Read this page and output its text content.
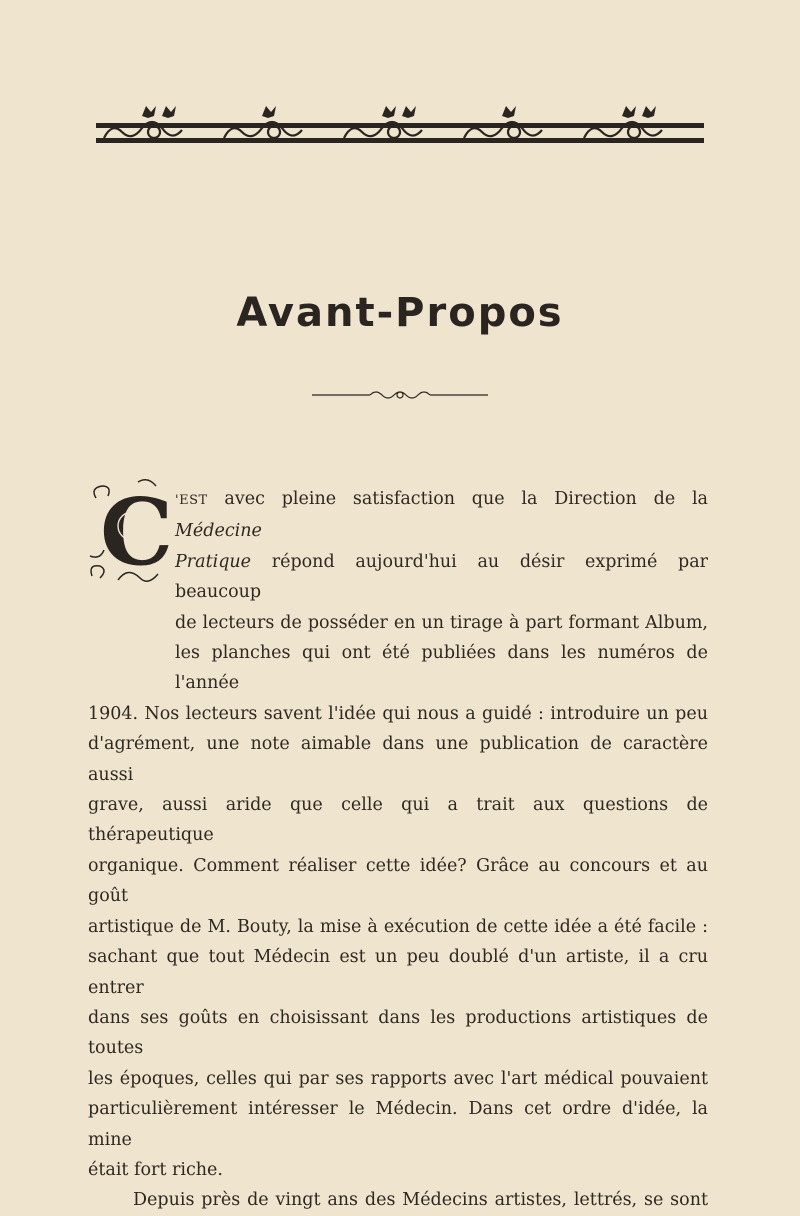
Avant-Propos
C 'EST avec pleine satisfaction que la Direction de la Médecine
Pratique répond aujourd'hui au désir exprimé par beaucoup
de lecteurs de posséder en un tirage à part formant Album,
les planches qui ont été publiées dans les numéros de l'année
1904. Nos lecteurs savent l'idée qui nous a guidé : introduire un peu
d'agrément, une note aimable dans une publication de caractère aussi
grave, aussi aride que celle qui a trait aux questions de thérapeutique
organique. Comment réaliser cette idée? Grâce au concours et au goût
artistique de M. Bouty, la mise à exécution de cette idée a été facile :
sachant que tout Médecin est un peu doublé d'un artiste, il a cru entrer
dans ses goûts en choisissant dans les productions artistiques de toutes
les époques, celles qui par ses rapports avec l'art médical pouvaient
particulièrement intéresser le Médecin. Dans cet ordre d'idée, la mine
était fort riche.

Depuis près de vingt ans des Médecins artistes, lettrés, se sont
